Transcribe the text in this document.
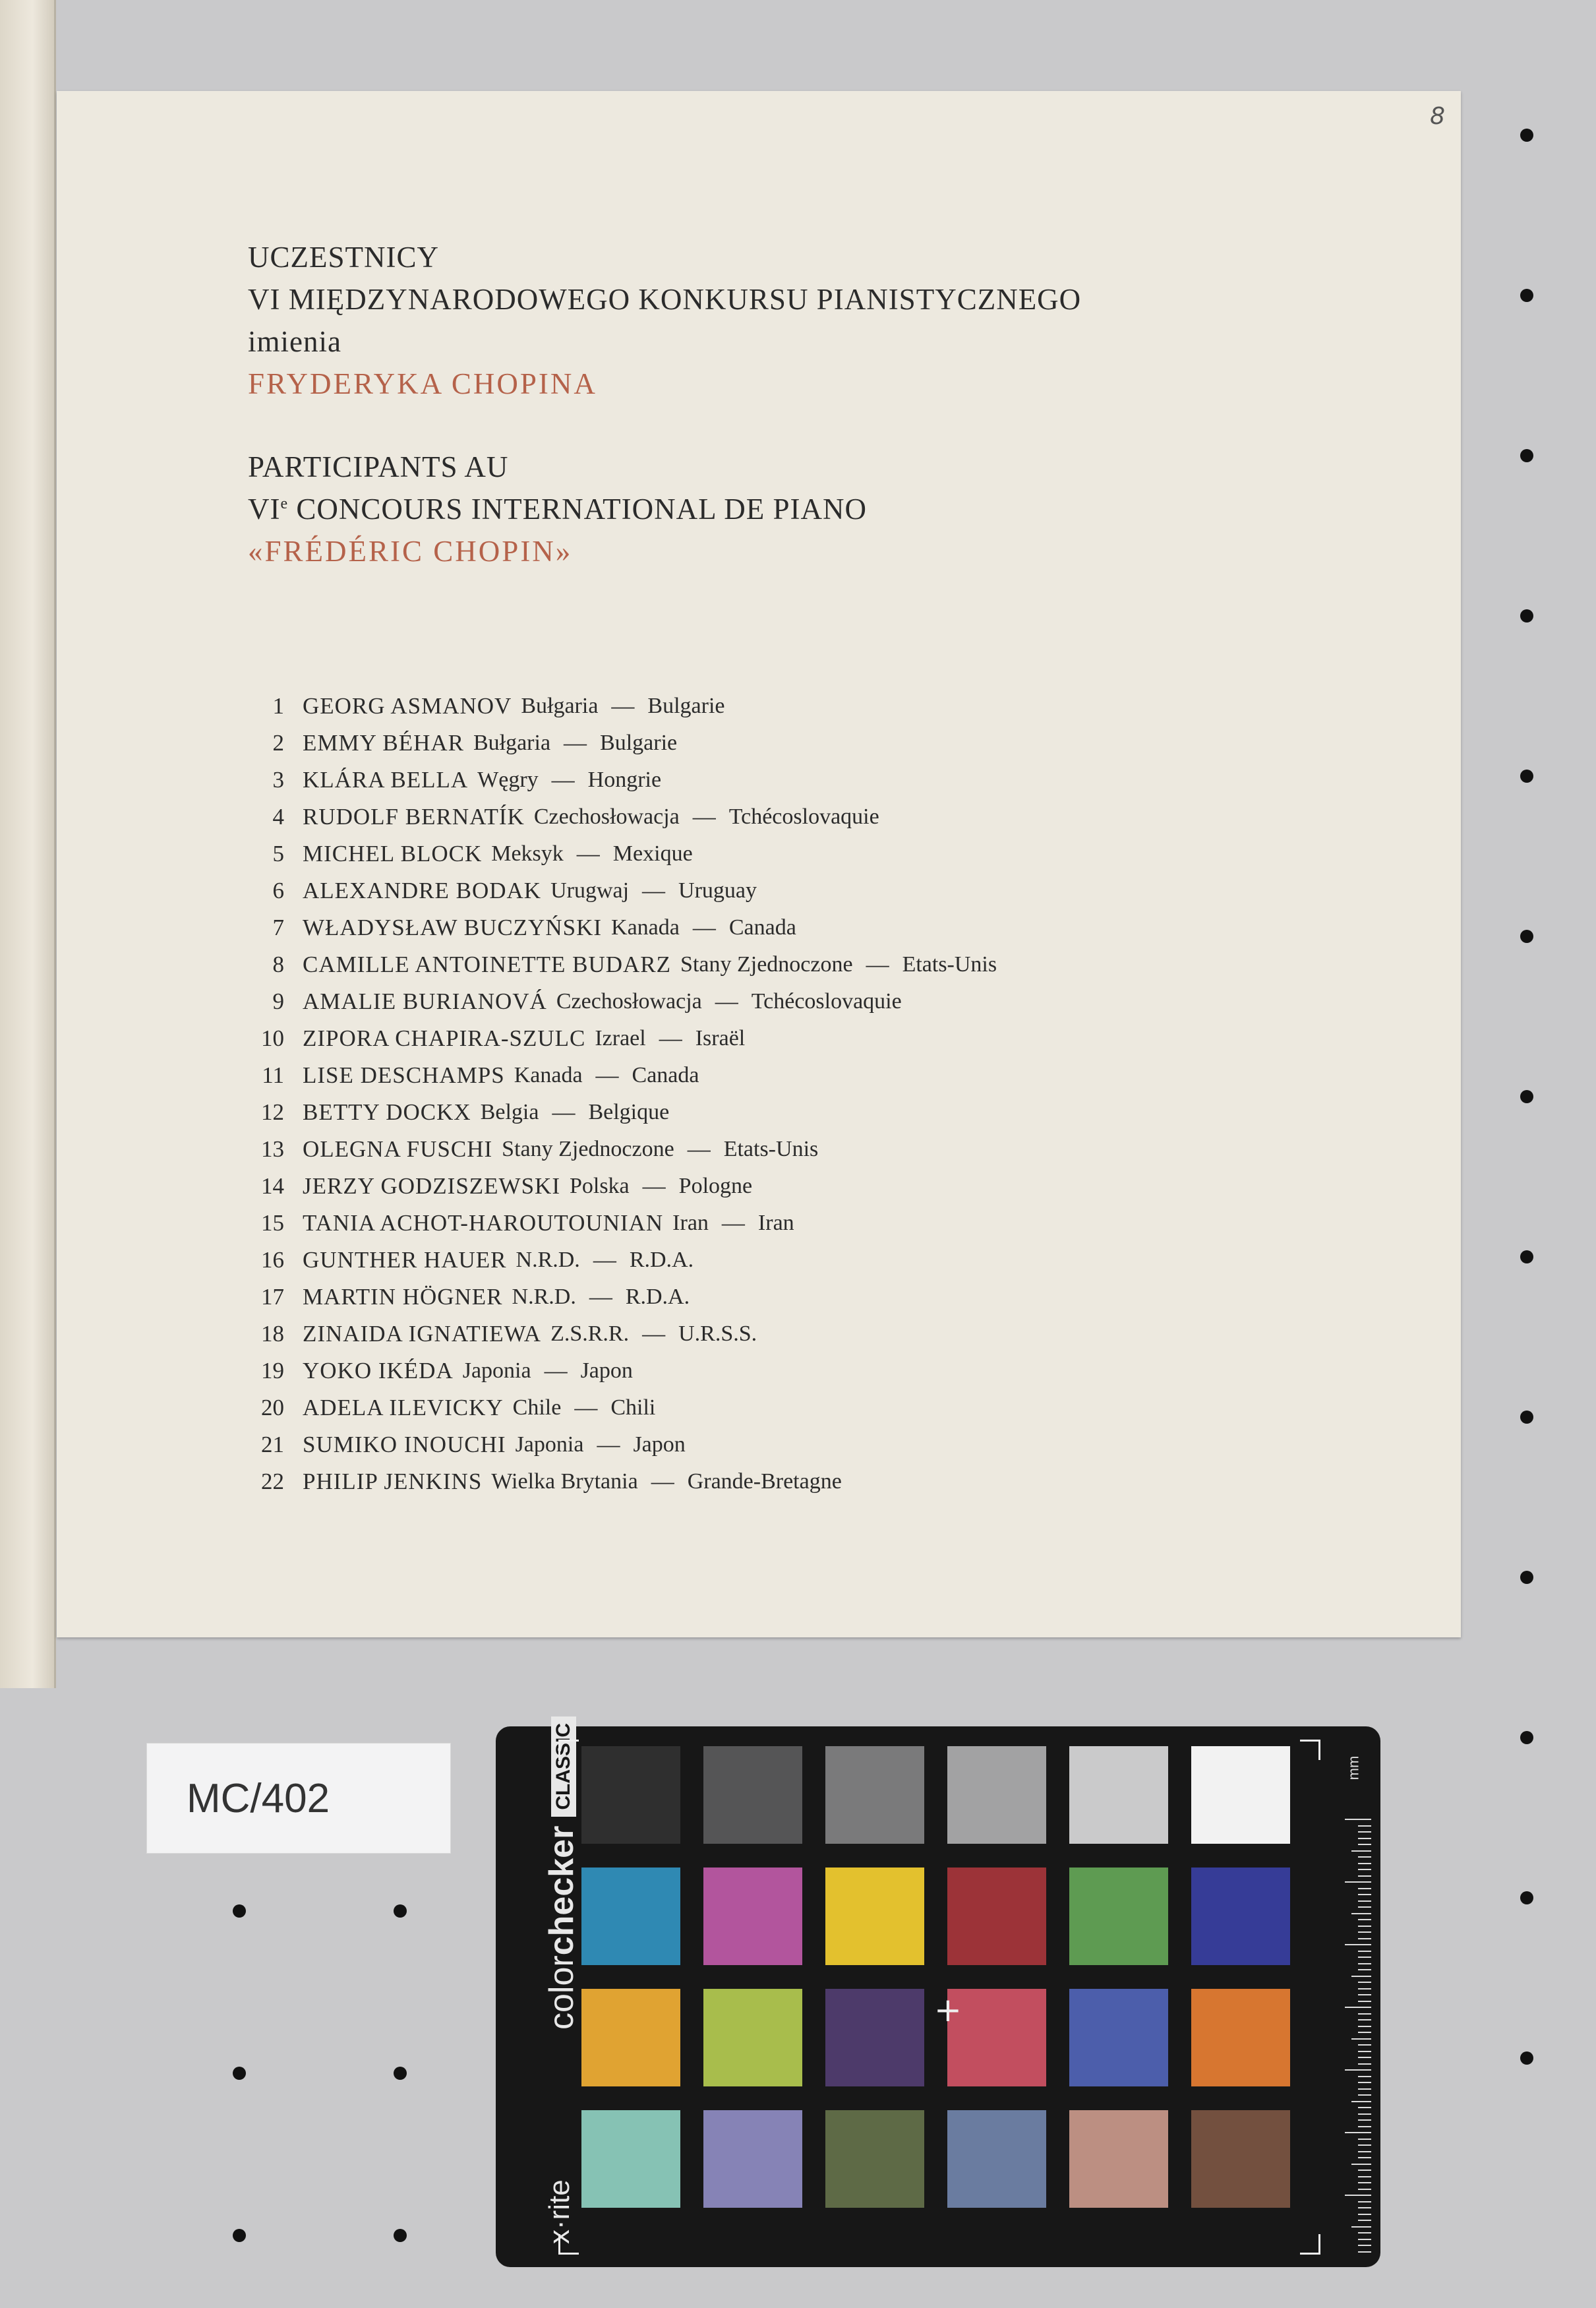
8

UCZESTNICY

VI MIĘDZYNARODOWEGO KONKURSU PIANISTYCZNEGO

imienia

FRYDERYKA CHOPINA

PARTICIPANTS AU

VIe CONCOURS INTERNATIONAL DE PIANO

«FRÉDÉRIC CHOPIN»

1 GEORG ASMANOV Bułgaria — Bulgarie
2 EMMY BÉHAR Bułgaria — Bulgarie
3 KLÁRA BELLA Węgry — Hongrie
4 RUDOLF BERNATÍK Czechosłowacja — Tchécoslovaquie
5 MICHEL BLOCK Meksyk — Mexique
6 ALEXANDRE BODAK Urugwaj — Uruguay
7 WŁADYSŁAW BUCZYŃSKI Kanada — Canada
8 CAMILLE ANTOINETTE BUDARZ Stany Zjednoczone — Etats-Unis
9 AMALIE BURIANOVÁ Czechosłowacja — Tchécoslovaquie
10 ZIPORA CHAPIRA-SZULC Izrael — Israël
11 LISE DESCHAMPS Kanada — Canada
12 BETTY DOCKX Belgia — Belgique
13 OLEGNA FUSCHI Stany Zjednoczone — Etats-Unis
14 JERZY GODZISZEWSKI Polska — Pologne
15 TANIA ACHOT-HAROUTOUNIAN Iran — Iran
16 GUNTHER HAUER N.R.D. — R.D.A.
17 MARTIN HÖGNER N.R.D. — R.D.A.
18 ZINAIDA IGNATIEWA Z.S.R.R. — U.R.S.S.
19 YOKO IKÉDA Japonia — Japon
20 ADELA ILEVICKY Chile — Chili
21 SUMIKO INOUCHI Japonia — Japon
22 PHILIP JENKINS Wielka Brytania — Grande-Bretagne
MC/402
colorcheckerCLASSIC
x·rite
+
mm
